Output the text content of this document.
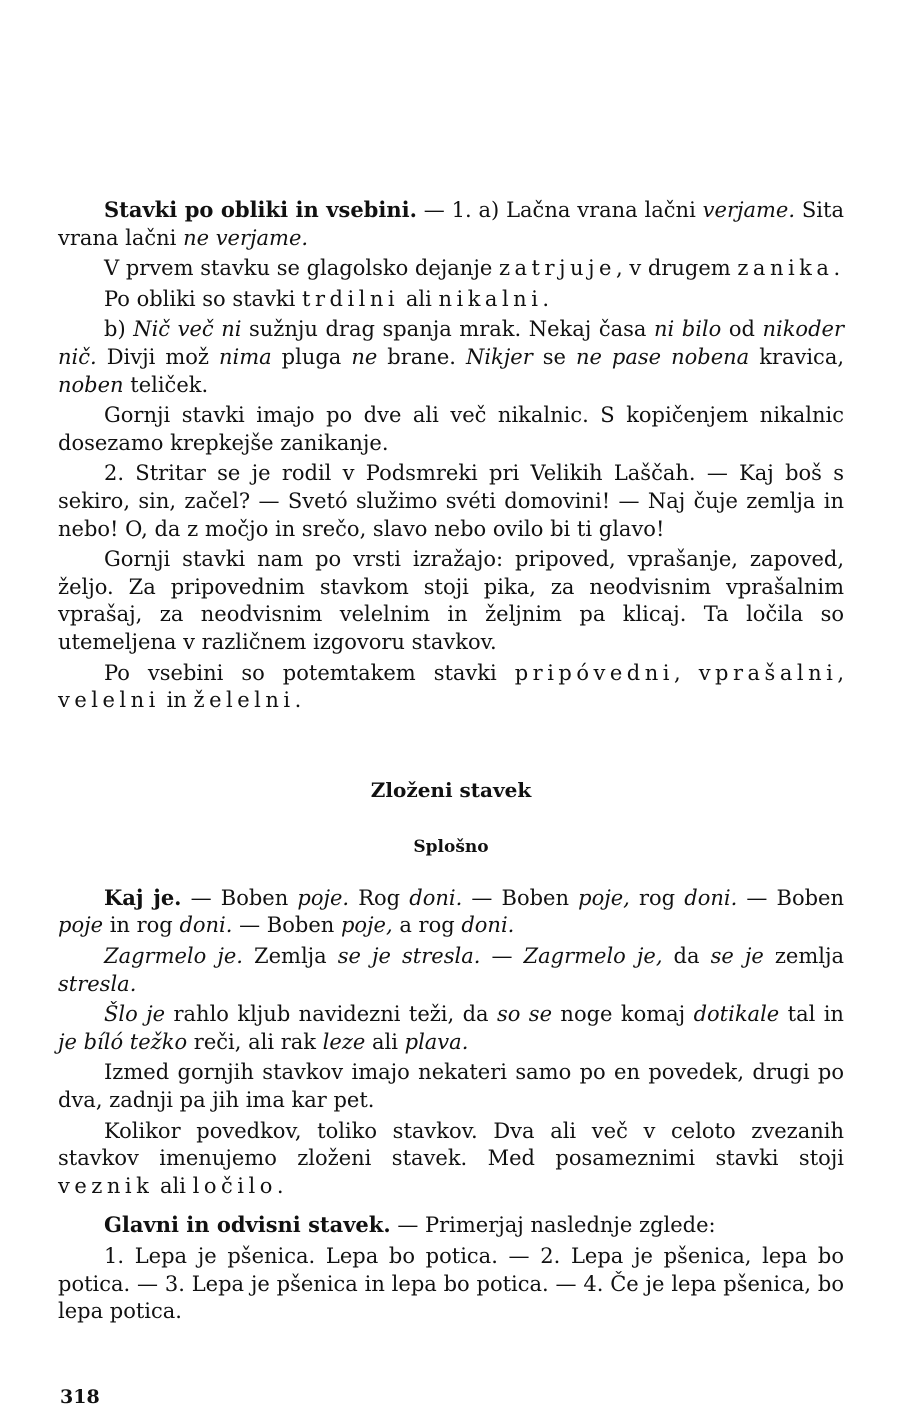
Stavki po obliki in vsebini. — 1. a) Lačna vrana lačni verjame. Sita vrana lačni ne verjame.

V prvem stavku se glagolsko dejanje zatrjuje, v drugem zanika.

Po obliki so stavki trdilni ali nikalni.

b) Nič več ni sužnju drag spanja mrak. Nekaj časa ni bilo od nikoder nič. Divji mož nima pluga ne brane. Nikjer se ne pase nobena kravica, noben teliček.

Gornji stavki imajo po dve ali več nikalnic. S kopičenjem nikalnic dosezamo krepkejše zanikanje.

2. Stritar se je rodil v Podsmreki pri Velikih Laščah. — Kaj boš s sekiro, sin, začel? — Svetó služimo svéti domovini! — Naj čuje zemlja in nebo! O, da z močjo in srečo, slavo nebo ovilo bi ti glavo!

Gornji stavki nam po vrsti izražajo: pripoved, vprašanje, zapoved, željo. Za pripovednim stavkom stoji pika, za neodvisnim vprašalnim vprašaj, za neodvisnim velelnim in željnim pa klicaj. Ta ločila so utemeljena v različnem izgovoru stavkov.

Po vsebini so potemtakem stavki pripóvedni, vprašalni, velelni in želelni.

Zloženi stavek
Splošno

Kaj je. — Boben poje. Rog doni. — Boben poje, rog doni. — Boben poje in rog doni. — Boben poje, a rog doni.

Zagrmelo je. Zemlja se je stresla. — Zagrmelo je, da se je zemlja stresla.

Šlo je rahlo kljub navidezni teži, da so se noge komaj dotikale tal in je bíló težko reči, ali rak leze ali plava.

Izmed gornjih stavkov imajo nekateri samo po en povedek, drugi po dva, zadnji pa jih ima kar pet.

Kolikor povedkov, toliko stavkov. Dva ali več v celoto zvezanih stavkov imenujemo zloženi stavek. Med posameznimi stavki stoji veznik ali ločilo.

Glavni in odvisni stavek. — Primerjaj naslednje zglede:

1. Lepa je pšenica. Lepa bo potica. — 2. Lepa je pšenica, lepa bo potica. — 3. Lepa je pšenica in lepa bo potica. — 4. Če je lepa pšenica, bo lepa potica.

318
